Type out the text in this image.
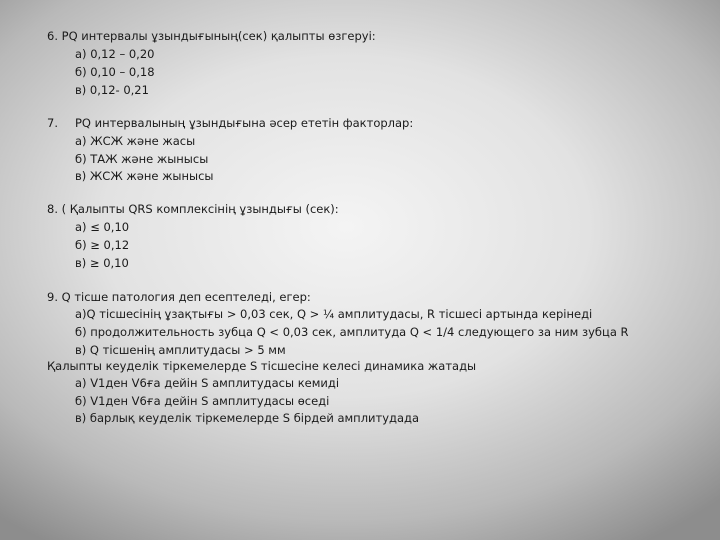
6. PQ интервалы ұзындығының(сек) қалыпты өзгеруі:

а) 0,12 – 0,20

б) 0,10 – 0,18

в) 0,12- 0,21

7. PQ интервалының ұзындығына әсер ететін факторлар:

а) ЖСЖ және жасы

б) ТАЖ және жынысы

в) ЖСЖ және жынысы

8. ( Қалыпты QRS комплексінің ұзындығы (сек):

а) ≤ 0,10

б) ≥ 0,12

в) ≥ 0,10

9. Q тісше патология деп есептеледі, егер:

а)Q тісшесінің ұзақтығы > 0,03 сек, Q > ¼ амплитудасы, R тісшесі артында керінеді

б) продолжительность зубца Q < 0,03 сек, амплитуда Q < 1/4 следующего за ним зубца R

в) Q тісшенің амплитудасы > 5 мм

Қалыпты кеуделік тіркемелерде S тісшесіне келесі динамика жатады

а) V1ден V6ға дейін S амплитудасы кемиді

б) V1ден V6ға дейін S амплитудасы өседі

в) барлық кеуделік тіркемелерде S бірдей амплитудада
